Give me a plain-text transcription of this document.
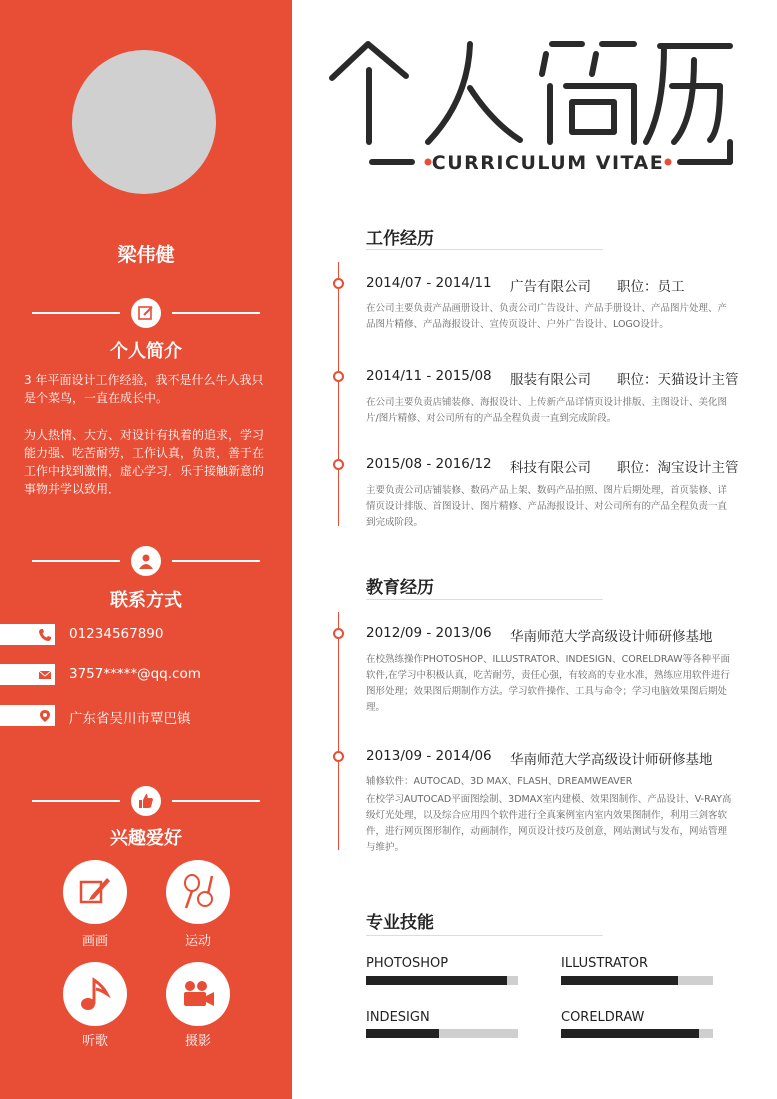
梁伟健
个人简介
3 年平面设计工作经验，我不是什么牛人我只是个菜鸟，一直在成长中。
为人热情、大方、对设计有执着的追求，学习能力强、吃苦耐劳，工作认真，负责，善于在工作中找到激情，虚心学习．乐于接触新意的事物并学以致用．
联系方式
01234567890
3757*****@qq.com
广东省吴川市覃巴镇
兴趣爱好
画画	运动
听歌	摄影
CURRICULUM VITAE
工作经历
2014/07 - 2014/11 广告有限公司 职位：员工
在公司主要负责产品画册设计、负责公司广告设计、产品手册设计、产品图片处理、产品图片精修、产品海报设计、宣传页设计、户外广告设计、LOGO设计。
2014/11 - 2015/08 服装有限公司 职位：天猫设计主管
在公司主要负责店铺装修、海报设计、上传新产品详情页设计排版、主图设计、美化图片/图片精修、对公司所有的产品全程负责一直到完成阶段。
2015/08 - 2016/12 科技有限公司 职位：淘宝设计主管
主要负责公司店铺装修、数码产品上架、数码产品拍照、图片后期处理，首页装修、详情页设计排版、首图设计、图片精修、产品海报设计、对公司所有的产品全程负责一直到完成阶段。
教育经历
2012/09 - 2013/06 华南师范大学高级设计师研修基地
在校熟练操作PHOTOSHOP、ILLUSTRATOR、INDESIGN、CORELDRAW等各种平面软件,在学习中积极认真，吃苦耐劳，责任心强，有较高的专业水准，熟练应用软件进行图形处理；效果图后期制作方法。学习软件操作、工具与命令；学习电脑效果图后期处理。
2013/09 - 2014/06 华南师范大学高级设计师研修基地
辅修软件：AUTOCAD、3D MAX、FLASH、DREAMWEAVER
在校学习AUTOCAD平面图绘制、3DMAX室内建模、效果图制作、产品设计、V-RAY高级灯光处理，以及综合应用四个软件进行全真案例室内室内效果图制作，利用三剑客软件，进行网页图形制作，动画制作，网页设计技巧及创意，网站测试与发布，网站管理与维护。
专业技能
PHOTOSHOP	ILLUSTRATOR
INDESIGN	CORELDRAW
